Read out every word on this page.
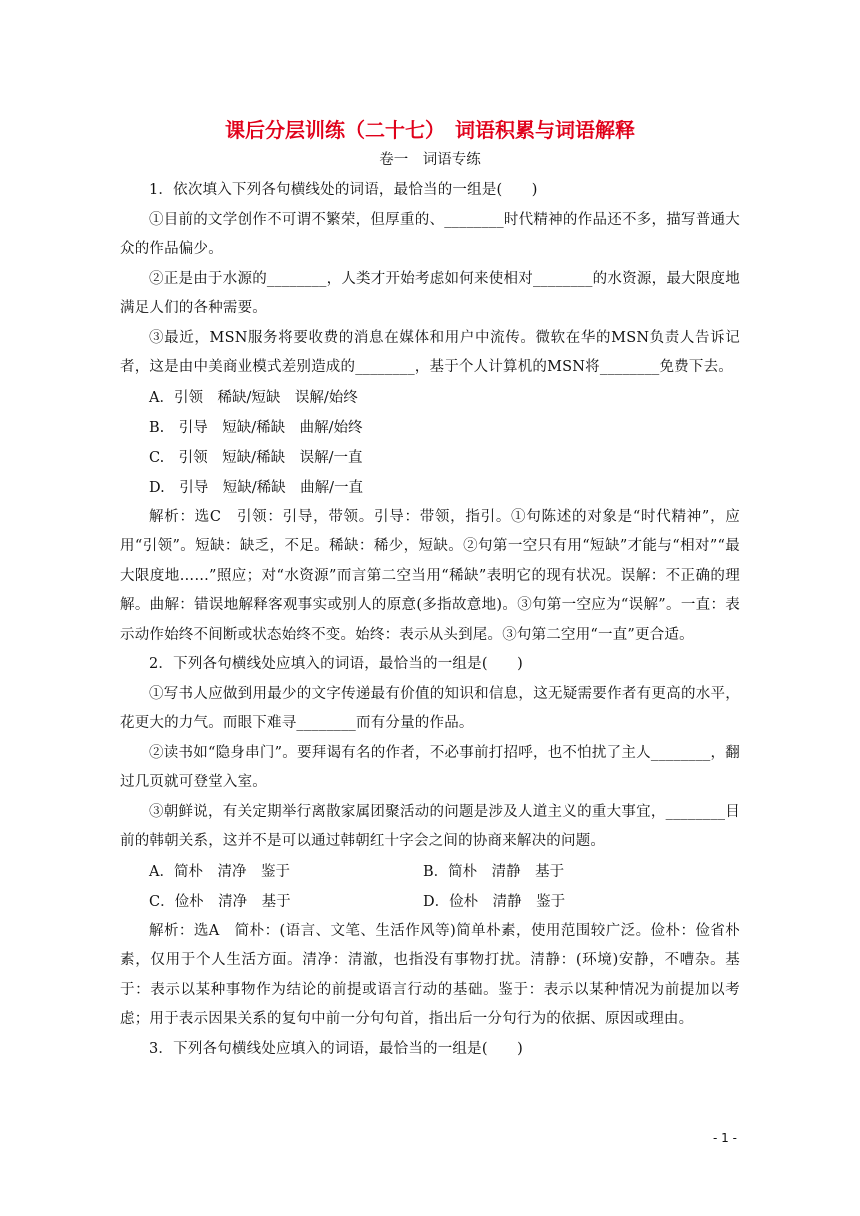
课后分层训练（二十七）　词语积累与词语解释
卷一　词语专练

1．依次填入下列各句横线处的词语，最恰当的一组是(　　)

①目前的文学创作不可谓不繁荣，但厚重的、________时代精神的作品还不多，描写普通大众的作品偏少。

②正是由于水源的________，人类才开始考虑如何来使相对________的水资源，最大限度地满足人们的各种需要。

③最近，MSN服务将要收费的消息在媒体和用户中流传。微软在华的MSN负责人告诉记者，这是由中美商业模式差别造成的________，基于个人计算机的MSN将________免费下去。

A．引领　稀缺/短缺　误解/始终

B.　引导　短缺/稀缺　曲解/始终

C.　引领　短缺/稀缺　误解/一直

D.　引导　短缺/稀缺　曲解/一直

解析：选C　引领：引导，带领。引导：带领，指引。①句陈述的对象是“时代精神”，应用“引领”。短缺：缺乏，不足。稀缺：稀少，短缺。②句第一空只有用“短缺”才能与“相对”“最大限度地……”照应；对“水资源”而言第二空当用“稀缺”表明它的现有状况。误解：不正确的理解。曲解：错误地解释客观事实或别人的原意(多指故意地)。③句第一空应为“误解”。一直：表示动作始终不间断或状态始终不变。始终：表示从头到尾。③句第二空用“一直”更合适。

2．下列各句横线处应填入的词语，最恰当的一组是(　　)

①写书人应做到用最少的文字传递最有价值的知识和信息，这无疑需要作者有更高的水平，花更大的力气。而眼下难寻________而有分量的作品。

②读书如“隐身串门”。要拜谒有名的作者，不必事前打招呼，也不怕扰了主人________，翻过几页就可登堂入室。

③朝鲜说，有关定期举行离散家属团聚活动的问题是涉及人道主义的重大事宜，________目前的韩朝关系，这并不是可以通过韩朝红十字会之间的协商来解决的问题。

A．简朴　清净　鉴于	B．简朴　清静　基于
C．俭朴　清净　基于	D．俭朴　清静　鉴于

解析：选A　简朴：(语言、文笔、生活作风等)简单朴素，使用范围较广泛。俭朴：俭省朴素，仅用于个人生活方面。清净：清澈，也指没有事物打扰。清静：(环境)安静，不嘈杂。基于：表示以某种事物作为结论的前提或语言行动的基础。鉴于：表示以某种情况为前提加以考虑；用于表示因果关系的复句中前一分句句首，指出后一分句行为的依据、原因或理由。

3．下列各句横线处应填入的词语，最恰当的一组是(　　)

- 1 -
